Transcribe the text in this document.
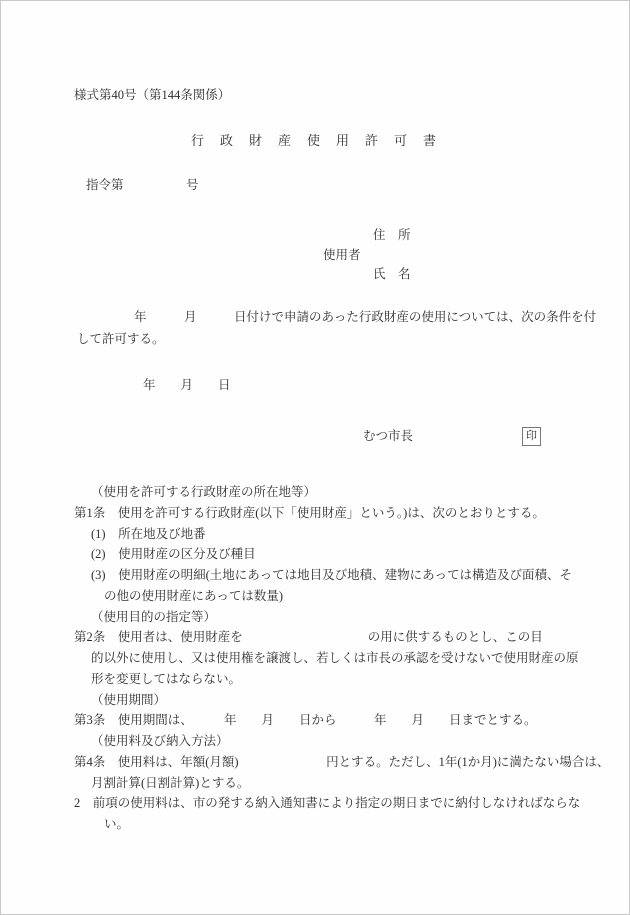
様式第40号（第144条関係）
行　政　財　産　使　用　許　可　書
指令第　　　　　号
住　所
使用者
氏　名
年　　　月　　　日付けで申請のあった行政財産の使用については、次の条件を付
して許可する。
年　　月　　日
むつ市長	印
（使用を許可する行政財産の所在地等）
第1条　使用を許可する行政財産(以下「使用財産」という。)は、次のとおりとする。
(1)　所在地及び地番
(2)　使用財産の区分及び種目
(3)　使用財産の明細(土地にあっては地目及び地積、建物にあっては構造及び面積、そ
の他の使用財産にあっては数量)
（使用目的の指定等）
第2条　使用者は、使用財産を　　　　　　　　　　の用に供するものとし、この目
的以外に使用し、又は使用権を譲渡し、若しくは市長の承認を受けないで使用財産の原
形を変更してはならない。
（使用期間）
第3条　使用期間は、　　　年　　月　　日から　　　年　　月　　日までとする。
（使用料及び納入方法）
第4条　使用料は、年額(月額)　　　　　　　円とする。ただし、1年(1か月)に満たない場合は、
月割計算(日割計算)とする。
2　前項の使用料は、市の発する納入通知書により指定の期日までに納付しなければならな
い。
